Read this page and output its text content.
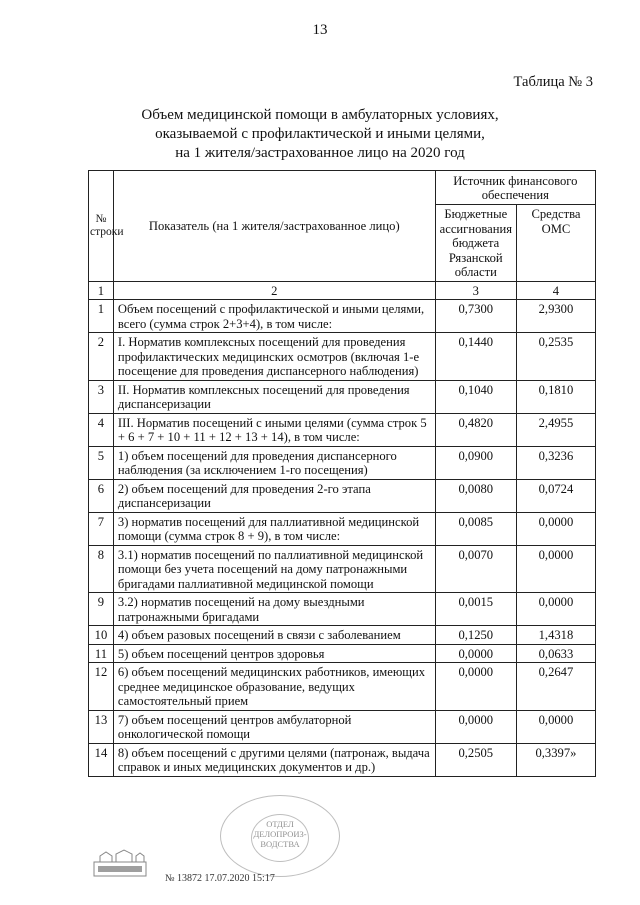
13
Таблица № 3
Объем медицинской помощи в амбулаторных условиях,
оказываемой с профилактической и иными целями,
на 1 жителя/застрахованное лицо на 2020 год
№ строки	Показатель (на 1 жителя/застрахованное лицо)	Источник финансового обеспечения	
		Бюджетные ассигнования бюджета Рязанской области	Средства ОМС
1	2	3	4
1	Объем посещений с профилактической и иными целями, всего (сумма строк 2+3+4), в том числе:	0,7300	2,9300
2	I. Норматив комплексных посещений для проведения профилактических медицинских осмотров (включая 1-е посещение для проведения диспансерного наблюдения)	0,1440	0,2535
3	II. Норматив комплексных посещений для проведения диспансеризации	0,1040	0,1810
4	III. Норматив посещений с иными целями (сумма строк 5 + 6 + 7 + 10 + 11 + 12 + 13 + 14), в том числе:	0,4820	2,4955
5	1) объем посещений для проведения диспансерного наблюдения (за исключением 1-го посещения)	0,0900	0,3236
6	2) объем посещений для проведения 2-го этапа диспансеризации	0,0080	0,0724
7	3) норматив посещений для паллиативной медицинской помощи (сумма строк 8 + 9), в том числе:	0,0085	0,0000
8	3.1) норматив посещений по паллиативной медицинской помощи без учета посещений на дому патронажными бригадами паллиативной медицинской помощи	0,0070	0,0000
9	3.2) норматив посещений на дому выездными патронажными бригадами	0,0015	0,0000
10	4) объем разовых посещений в связи с заболеванием	0,1250	1,4318
11	5) объем посещений центров здоровья	0,0000	0,0633
12	6) объем посещений медицинских работников, имеющих среднее медицинское образование, ведущих самостоятельный прием	0,0000	0,2647
13	7) объем посещений центров амбулаторной онкологической помощи	0,0000	0,0000
14	8) объем посещений с другими целями (патронаж, выдача справок и иных медицинских документов и др.)	0,2505	0,3397»
ОТДЕЛ
ДЕЛОПРОИЗ-
ВОДСТВА
№ 13872 17.07.2020 15:17
